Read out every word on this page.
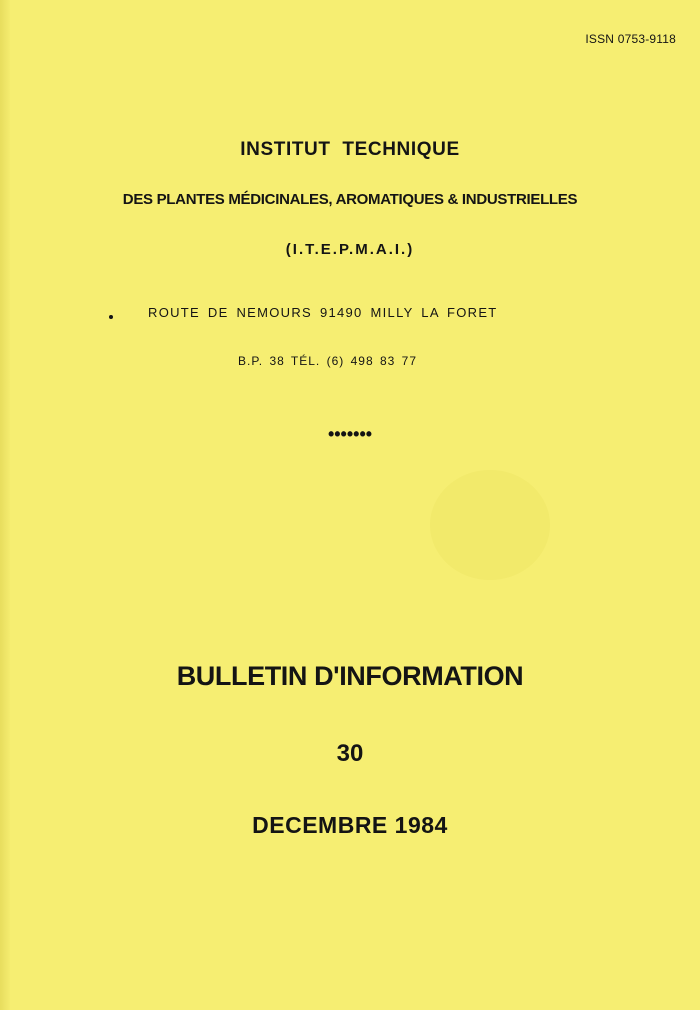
ISSN 0753-9118
INSTITUT TECHNIQUE
DES PLANTES MÉDICINALES, AROMATIQUES & INDUSTRIELLES
(I.T.E.P.M.A.I.)
ROUTE DE NEMOURS 91490 MILLY LA FORET
B.P. 38 TÉL. (6) 498 83 77
•••••••
BULLETIN D'INFORMATION
30
DECEMBRE 1984
